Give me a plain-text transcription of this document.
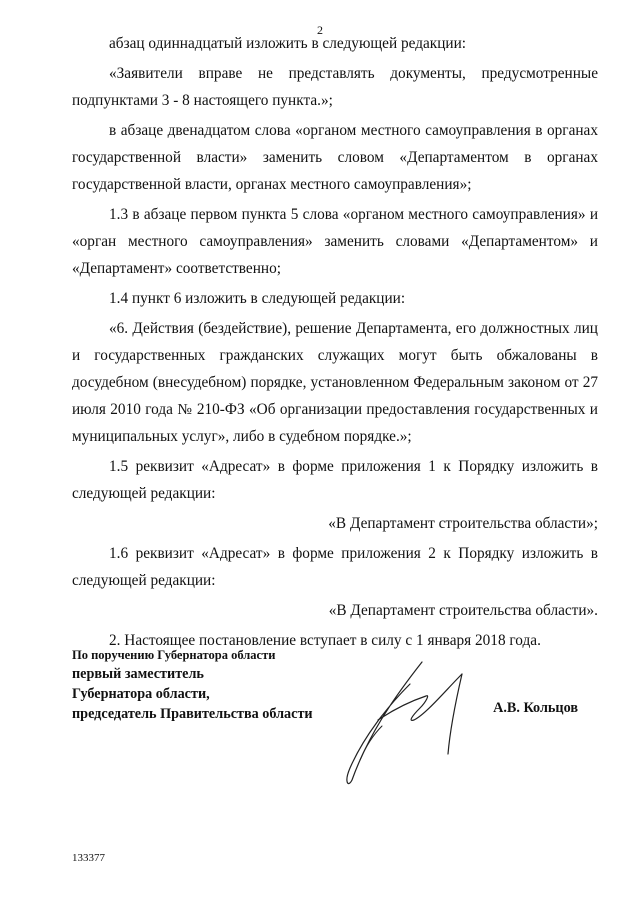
2

абзац одиннадцатый изложить в следующей редакции:

«Заявители вправе не представлять документы, предусмотренные подпунктами 3 - 8 настоящего пункта.»;

в абзаце двенадцатом слова «органом местного самоуправления в органах государственной власти» заменить словом «Департаментом в органах государственной власти, органах местного самоуправления»;

1.3 в абзаце первом пункта 5 слова «органом местного самоуправления» и «орган местного самоуправления» заменить словами «Департаментом» и «Департамент» соответственно;

1.4 пункт 6 изложить в следующей редакции:

«6. Действия (бездействие), решение Департамента, его должностных лиц и государственных гражданских служащих могут быть обжалованы в досудебном (внесудебном) порядке, установленном Федеральным законом от 27 июля 2010 года № 210-ФЗ «Об организации предоставления государственных и муниципальных услуг», либо в судебном порядке.»;

1.5 реквизит «Адресат» в форме приложения 1 к Порядку изложить в следующей редакции:

«В Департамент строительства области»;

1.6 реквизит «Адресат» в форме приложения 2 к Порядку изложить в следующей редакции:

«В Департамент строительства области».

2. Настоящее постановление вступает в силу с 1 января 2018 года.

По поручению Губернатора области
первый заместитель
Губернатора области,
председатель Правительства области	А.В. Кольцов
133377
